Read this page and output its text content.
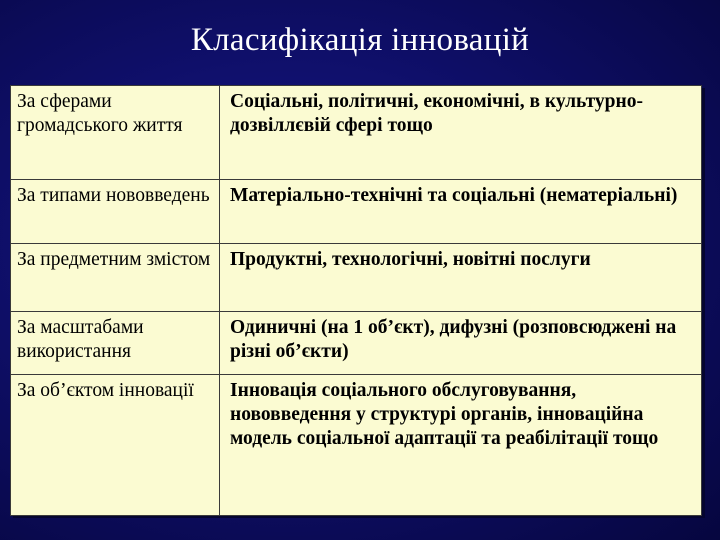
Класифікація інновацій
За сферами громадського життя	Соціальні, політичні, економічні, в культурно-дозвіллєвій сфері тощо
За типами нововведень	Матеріально-технічні та соціальні (нематеріальні)
За предметним змістом	Продуктні, технологічні, новітні послуги
За масштабами використання	Одиничні (на 1 об’єкт), дифузні (розповсюджені на різні об’єкти)
За об’єктом інновації	Інновація соціального обслуговування, нововведення у структурі органів, інноваційна модель соціальної адаптації та реабілітації тощо
